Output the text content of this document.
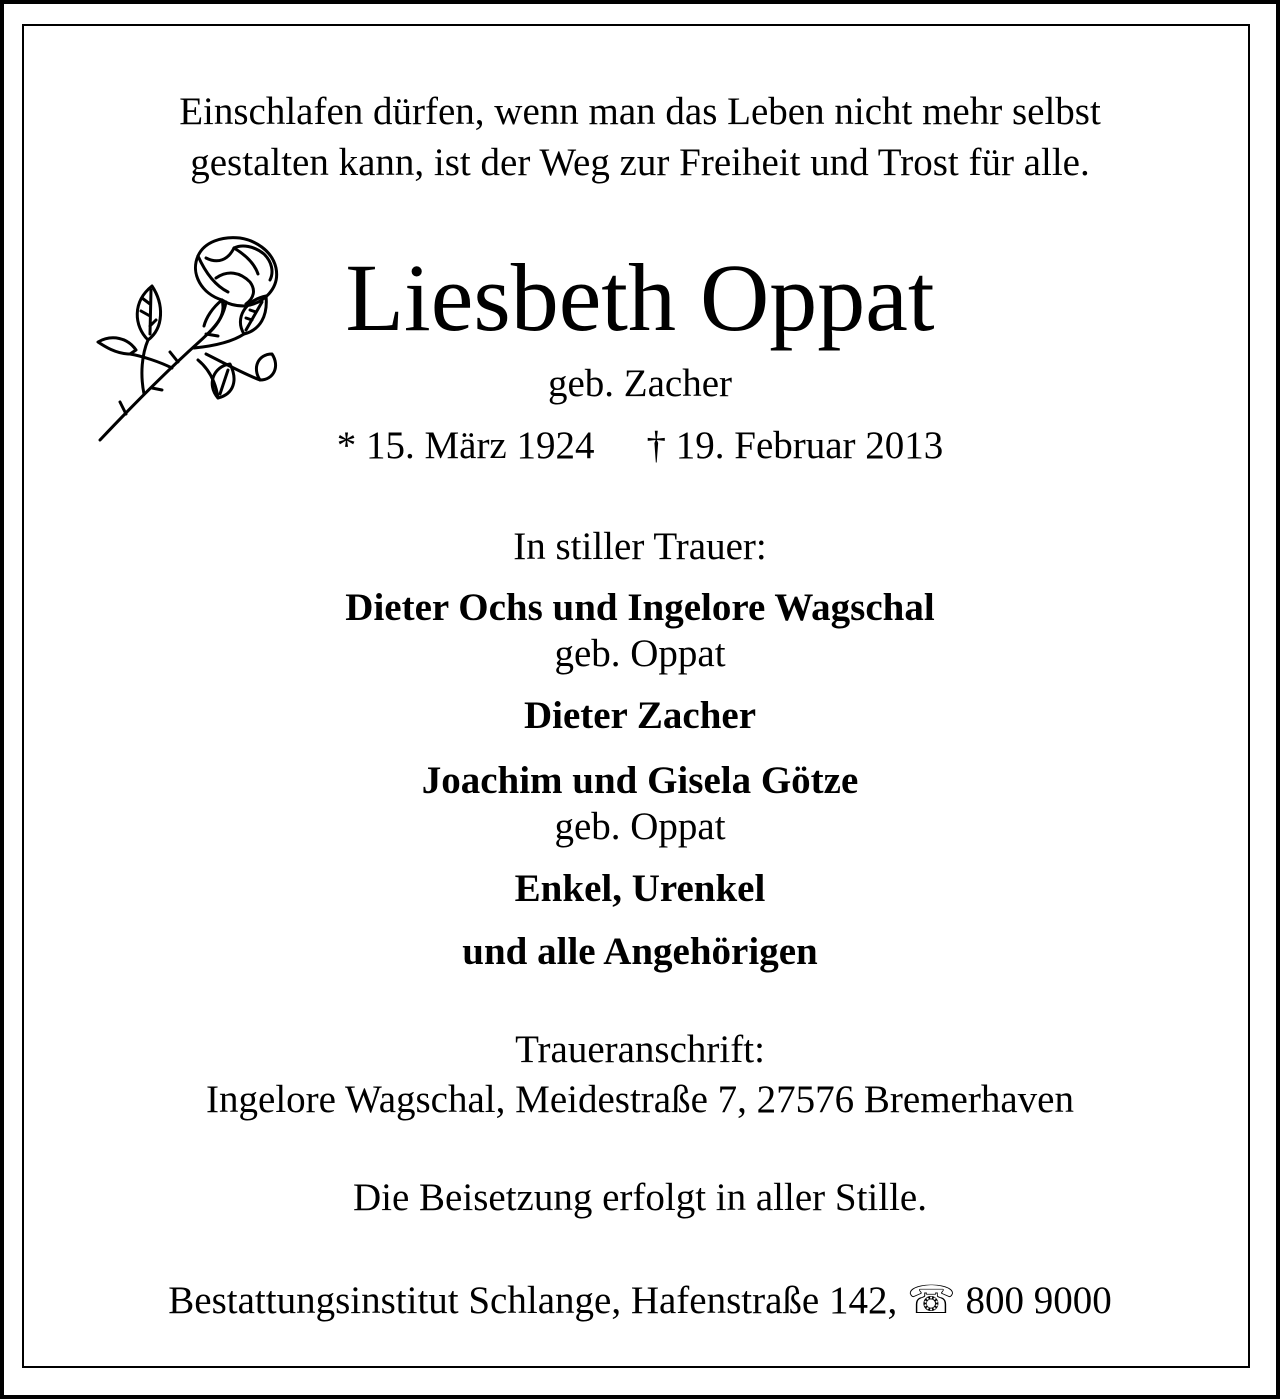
Einschlafen dürfen, wenn man das Leben nicht mehr selbst
gestalten kann, ist der Weg zur Freiheit und Trost für alle.
Liesbeth Oppat
geb. Zacher
* 15. März 1924 † 19. Februar 2013
In stiller Trauer:
Dieter Ochs und Ingelore Wagschal
geb. Oppat
Dieter Zacher
Joachim und Gisela Götze
geb. Oppat
Enkel, Urenkel
und alle Angehörigen
Traueranschrift:
Ingelore Wagschal, Meidestraße 7, 27576 Bremerhaven
Die Beisetzung erfolgt in aller Stille.
Bestattungsinstitut Schlange, Hafenstraße 142, ☏ 800 9000
